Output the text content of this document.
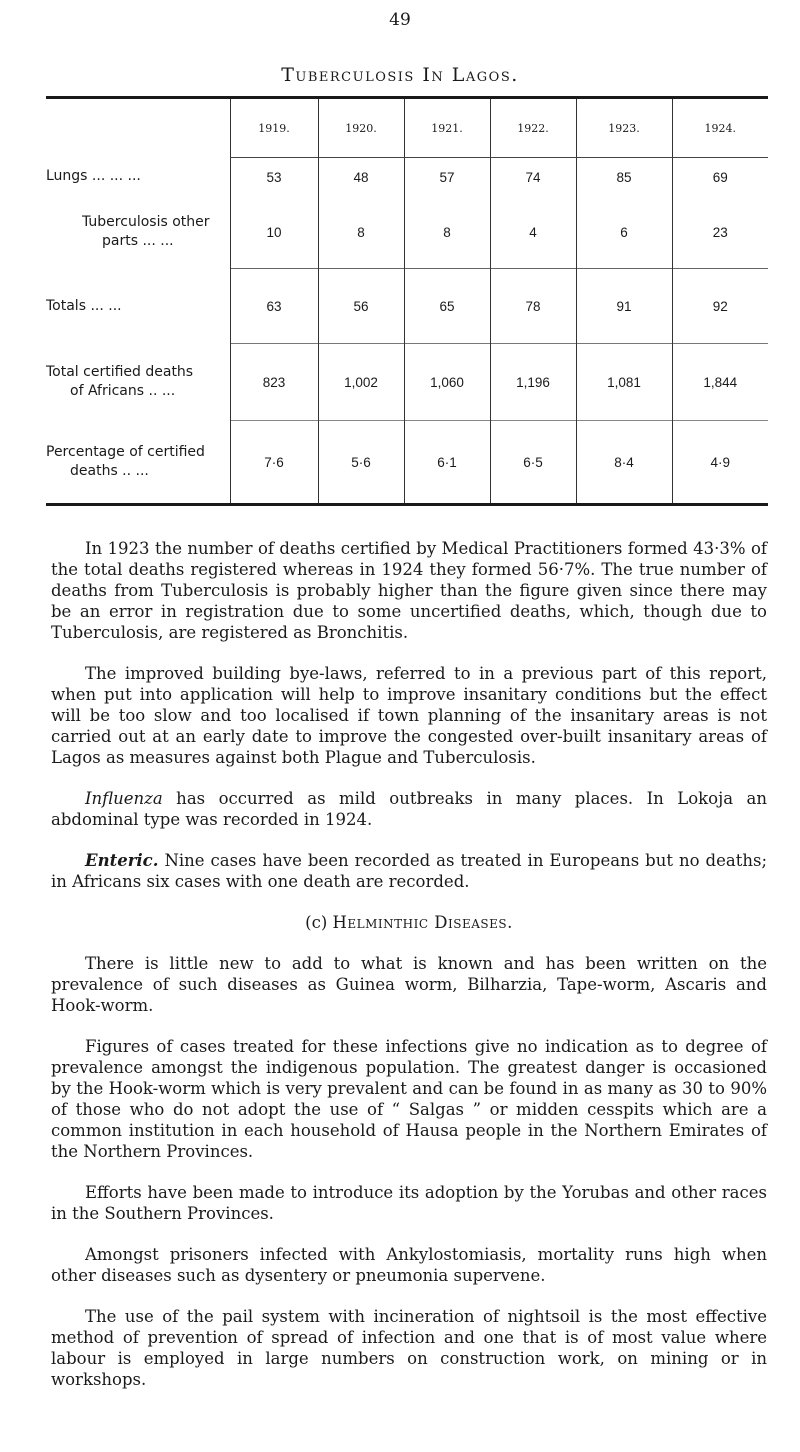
49
Tuberculosis In Lagos.
	1919.	1920.	1921.	1922.	1923.	1924.

Lungs ... ... ...	53	48	57	74	85	69

Tuberculosis other
parts ... ...	10	8	8	4	6	23

Totals ... ...	63	56	65	78	91	92

Total certified deaths
of Africans .. ...	823	1,002	1,060	1,196	1,081	1,844

Percentage of certified
deaths .. ...	7·6	5·6	6·1	6·5	8·4	4·9

In 1923 the number of deaths certified by Medical Practitioners formed 43·3% of the total deaths registered whereas in 1924 they formed 56·7%. The true number of deaths from Tuberculosis is probably higher than the figure given since there may be an error in registration due to some uncertified deaths, which, though due to Tuberculosis, are registered as Bronchitis.

The improved building bye-laws, referred to in a previous part of this report, when put into application will help to improve insanitary conditions but the effect will be too slow and too localised if town planning of the insanitary areas is not carried out at an early date to improve the congested over-built insanitary areas of Lagos as measures against both Plague and Tuberculosis.

Influenza has occurred as mild outbreaks in many places. In Lokoja an abdominal type was recorded in 1924.

Enteric. Nine cases have been recorded as treated in Europeans but no deaths; in Africans six cases with one death are recorded.

(c) Helminthic Diseases.

There is little new to add to what is known and has been written on the prevalence of such diseases as Guinea worm, Bilharzia, Tape-worm, Ascaris and Hook-worm.

Figures of cases treated for these infections give no indication as to degree of prevalence amongst the indigenous population. The greatest danger is occasioned by the Hook-worm which is very prevalent and can be found in as many as 30 to 90% of those who do not adopt the use of “ Salgas ” or midden cesspits which are a common institution in each household of Hausa people in the Northern Emirates of the Northern Provinces.

Efforts have been made to introduce its adoption by the Yorubas and other races in the Southern Provinces.

Amongst prisoners infected with Ankylostomiasis, mortality runs high when other diseases such as dysentery or pneumonia supervene.

The use of the pail system with incineration of nightsoil is the most effective method of prevention of spread of infection and one that is of most value where labour is employed in large numbers on construction work, on mining or in workshops.
